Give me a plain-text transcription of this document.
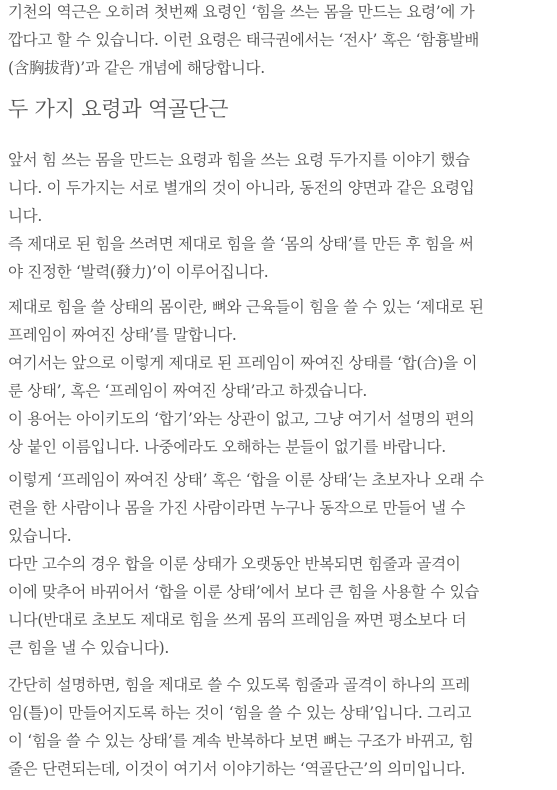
기천의 역근은 오히려 첫번째 요령인 ‘힘을 쓰는 몸을 만드는 요령’에 가
깝다고 할 수 있습니다. 이런 요령은 태극권에서는 ‘전사’ 혹은 ‘함흉발배
(含胸拔背)’과 같은 개념에 해당합니다.

두 가지 요령과 역골단근

앞서 힘 쓰는 몸을 만드는 요령과 힘을 쓰는 요령 두가지를 이야기 했습
니다. 이 두가지는 서로 별개의 것이 아니라, 동전의 양면과 같은 요령입
니다.
즉 제대로 된 힘을 쓰려면 제대로 힘을 쓸 ‘몸의 상태’를 만든 후 힘을 써
야 진정한 ‘발력(發力)’이 이루어집니다.

제대로 힘을 쓸 상태의 몸이란, 뼈와 근육들이 힘을 쓸 수 있는 ‘제대로 된
프레임이 짜여진 상태’를 말합니다.
여기서는 앞으로 이렇게 제대로 된 프레임이 짜여진 상태를 ‘합(合)을 이
룬 상태’, 혹은 ‘프레임이 짜여진 상태’라고 하겠습니다.
이 용어는 아이키도의 ‘합기’와는 상관이 없고, 그냥 여기서 설명의 편의
상 붙인 이름입니다. 나중에라도 오해하는 분들이 없기를 바랍니다.

이렇게 ‘프레임이 짜여진 상태’ 혹은 ‘합을 이룬 상태’는 초보자나 오래 수
련을 한 사람이나 몸을 가진 사람이라면 누구나 동작으로 만들어 낼 수
있습니다.
다만 고수의 경우 합을 이룬 상태가 오랫동안 반복되면 힘줄과 골격이
이에 맞추어 바뀌어서 ‘합을 이룬 상태’에서 보다 큰 힘을 사용할 수 있습
니다(반대로 초보도 제대로 힘을 쓰게 몸의 프레임을 짜면 평소보다 더
큰 힘을 낼 수 있습니다).

간단히 설명하면, 힘을 제대로 쓸 수 있도록 힘줄과 골격이 하나의 프레
임(틀)이 만들어지도록 하는 것이 ‘힘을 쓸 수 있는 상태’입니다. 그리고
이 ‘힘을 쓸 수 있는 상태’를 계속 반복하다 보면 뼈는 구조가 바뀌고, 힘
줄은 단련되는데, 이것이 여기서 이야기하는 ‘역골단근’의 의미입니다.
